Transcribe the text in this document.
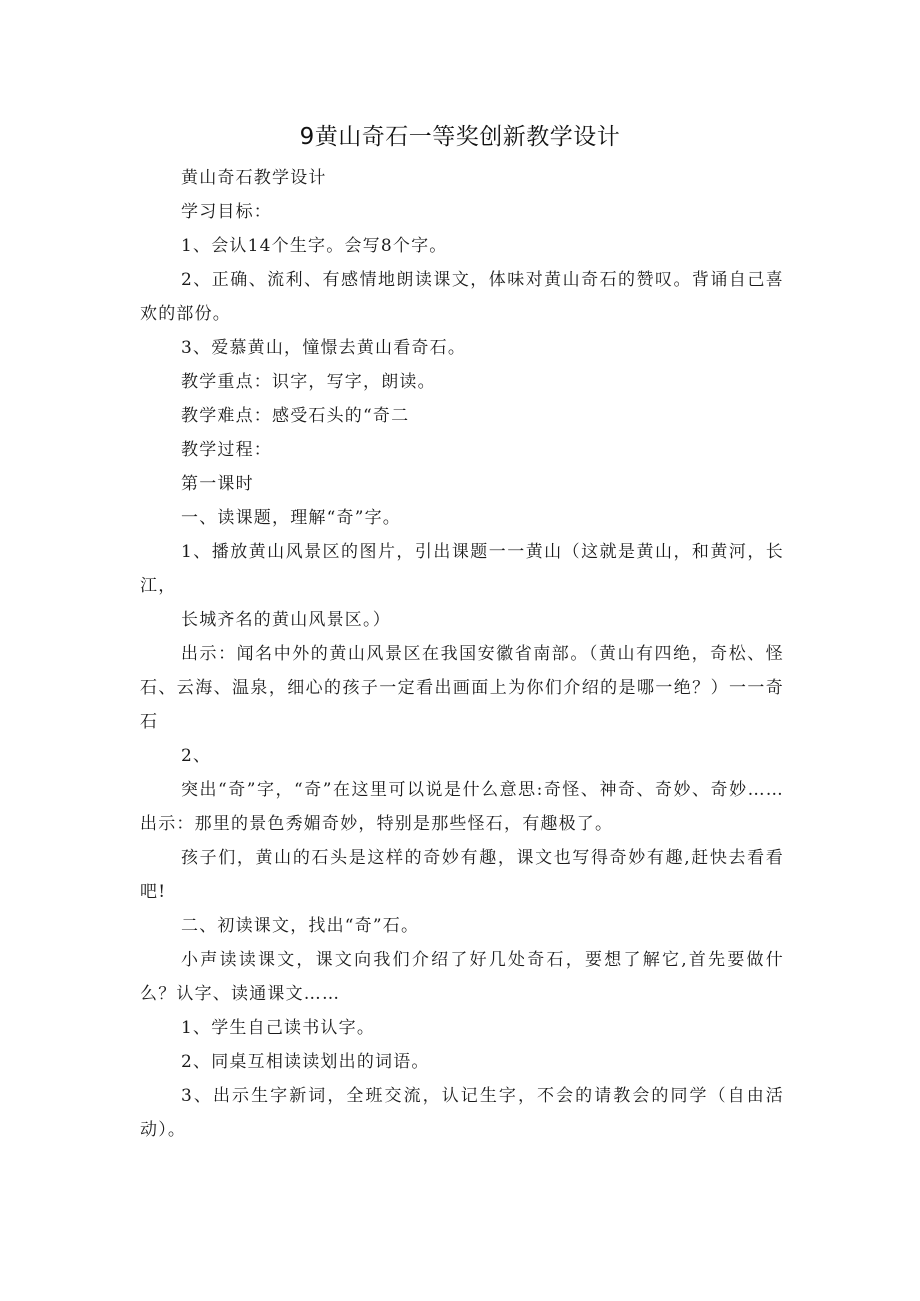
9黄山奇石一等奖创新教学设计

黄山奇石教学设计

学习目标：

1、会认14个生字。会写8个字。

2、正确、流利、有感情地朗读课文，体味对黄山奇石的赞叹。背诵自己喜欢的部份。

3、爱慕黄山，憧憬去黄山看奇石。

教学重点：识字，写字，朗读。

教学难点：感受石头的“奇二

教学过程：

第一课时

一、读课题，理解“奇”字。

1、播放黄山风景区的图片，引出课题一一黄山（这就是黄山，和黄河，长江，

长城齐名的黄山风景区。）

出示：闻名中外的黄山风景区在我国安徽省南部。（黄山有四绝，奇松、怪石、云海、温泉，细心的孩子一定看出画面上为你们介绍的是哪一绝？）一一奇石

2、

突出“奇”字，“奇”在这里可以说是什么意思:奇怪、神奇、奇妙、奇妙……出示：那里的景色秀媚奇妙，特别是那些怪石，有趣极了。

孩子们，黄山的石头是这样的奇妙有趣，课文也写得奇妙有趣,赶快去看看吧!

二、初读课文，找出“奇”石。

小声读读课文，课文向我们介绍了好几处奇石，要想了解它,首先要做什么？认字、读通课文……

1、学生自己读书认字。

2、同桌互相读读划出的词语。

3、出示生字新词，全班交流，认记生字，不会的请教会的同学（自由活动）。
